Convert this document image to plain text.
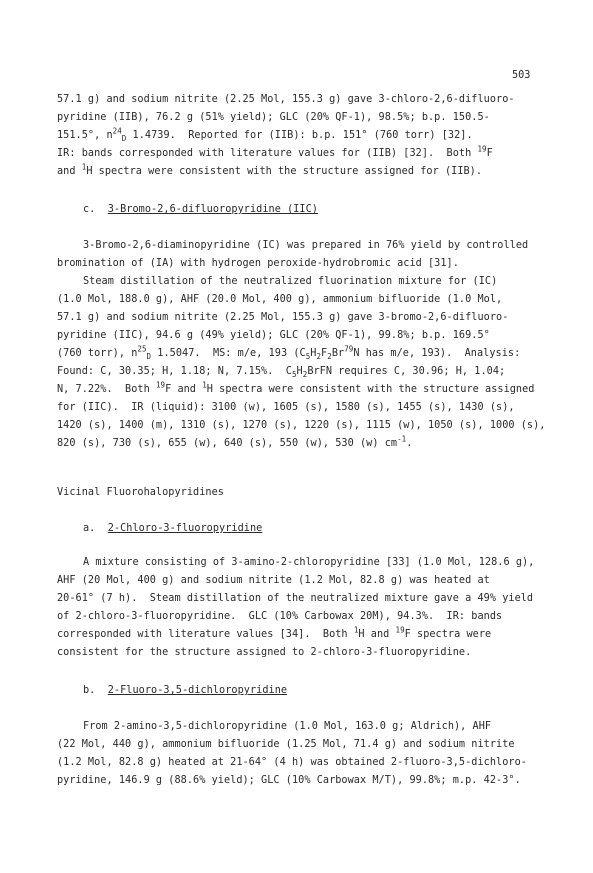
503
57.1 g) and sodium nitrite (2.25 Mol, 155.3 g) gave 3-chloro-2,6-difluoro-
pyridine (IIB), 76.2 g (51% yield); GLC (20% QF-1), 98.5%; b.p. 150.5-
151.5°, $n^{24}_D$ 1.4739.  Reported for (IIB): b.p. 151° (760 torr) [32].
IR: bands corresponded with literature values for (IIB) [32].  Both $^{19}$F
and $^1$H spectra were consistent with the structure assigned for (IIB).
c. 3-Bromo-2,6-difluoropyridine (IIC)
3-Bromo-2,6-diaminopyridine (IC) was prepared in 76% yield by controlled
bromination of (IA) with hydrogen peroxide-hydrobromic acid [31].
Steam distillation of the neutralized fluorination mixture for (IC)
(1.0 Mol, 188.0 g), AHF (20.0 Mol, 400 g), ammonium bifluoride (1.0 Mol,
57.1 g) and sodium nitrite (2.25 Mol, 155.3 g) gave 3-bromo-2,6-difluoro-
pyridine (IIC), 94.6 g (49% yield); GLC (20% QF-1), 99.8%; b.p. 169.5°
(760 torr), $n^{25}_D$ 1.5047.  MS: m/e, 193 ($C_5H_2F_2Br^{79}N$ has m/e, 193).  Analysis:
Found: C, 30.35; H, 1.18; N, 7.15%.  $C_5H_2BrFN$ requires C, 30.96; H, 1.04;
N, 7.22%.  Both $^{19}$F and $^1$H spectra were consistent with the structure assigned
for (IIC).  IR (liquid): 3100 (w), 1605 (s), 1580 (s), 1455 (s), 1430 (s),
1420 (s), 1400 (m), 1310 (s), 1270 (s), 1220 (s), 1115 (w), 1050 (s), 1000 (s),
820 (s), 730 (s), 655 (w), 640 (s), 550 (w), 530 (w) $cm^{-1}$.
Vicinal Fluorohalopyridines
a. 2-Chloro-3-fluoropyridine
A mixture consisting of 3-amino-2-chloropyridine [33] (1.0 Mol, 128.6 g),
AHF (20 Mol, 400 g) and sodium nitrite (1.2 Mol, 82.8 g) was heated at
20-61° (7 h).  Steam distillation of the neutralized mixture gave a 49% yield
of 2-chloro-3-fluoropyridine.  GLC (10% Carbowax 20M), 94.3%.  IR: bands
corresponded with literature values [34].  Both $^1$H and $^{19}$F spectra were
consistent for the structure assigned to 2-chloro-3-fluoropyridine.
b. 2-Fluoro-3,5-dichloropyridine
From 2-amino-3,5-dichloropyridine (1.0 Mol, 163.0 g; Aldrich), AHF
(22 Mol, 440 g), ammonium bifluoride (1.25 Mol, 71.4 g) and sodium nitrite
(1.2 Mol, 82.8 g) heated at 21-64° (4 h) was obtained 2-fluoro-3,5-dichloro-
pyridine, 146.9 g (88.6% yield); GLC (10% Carbowax M/T), 99.8%; m.p. 42-3°.
